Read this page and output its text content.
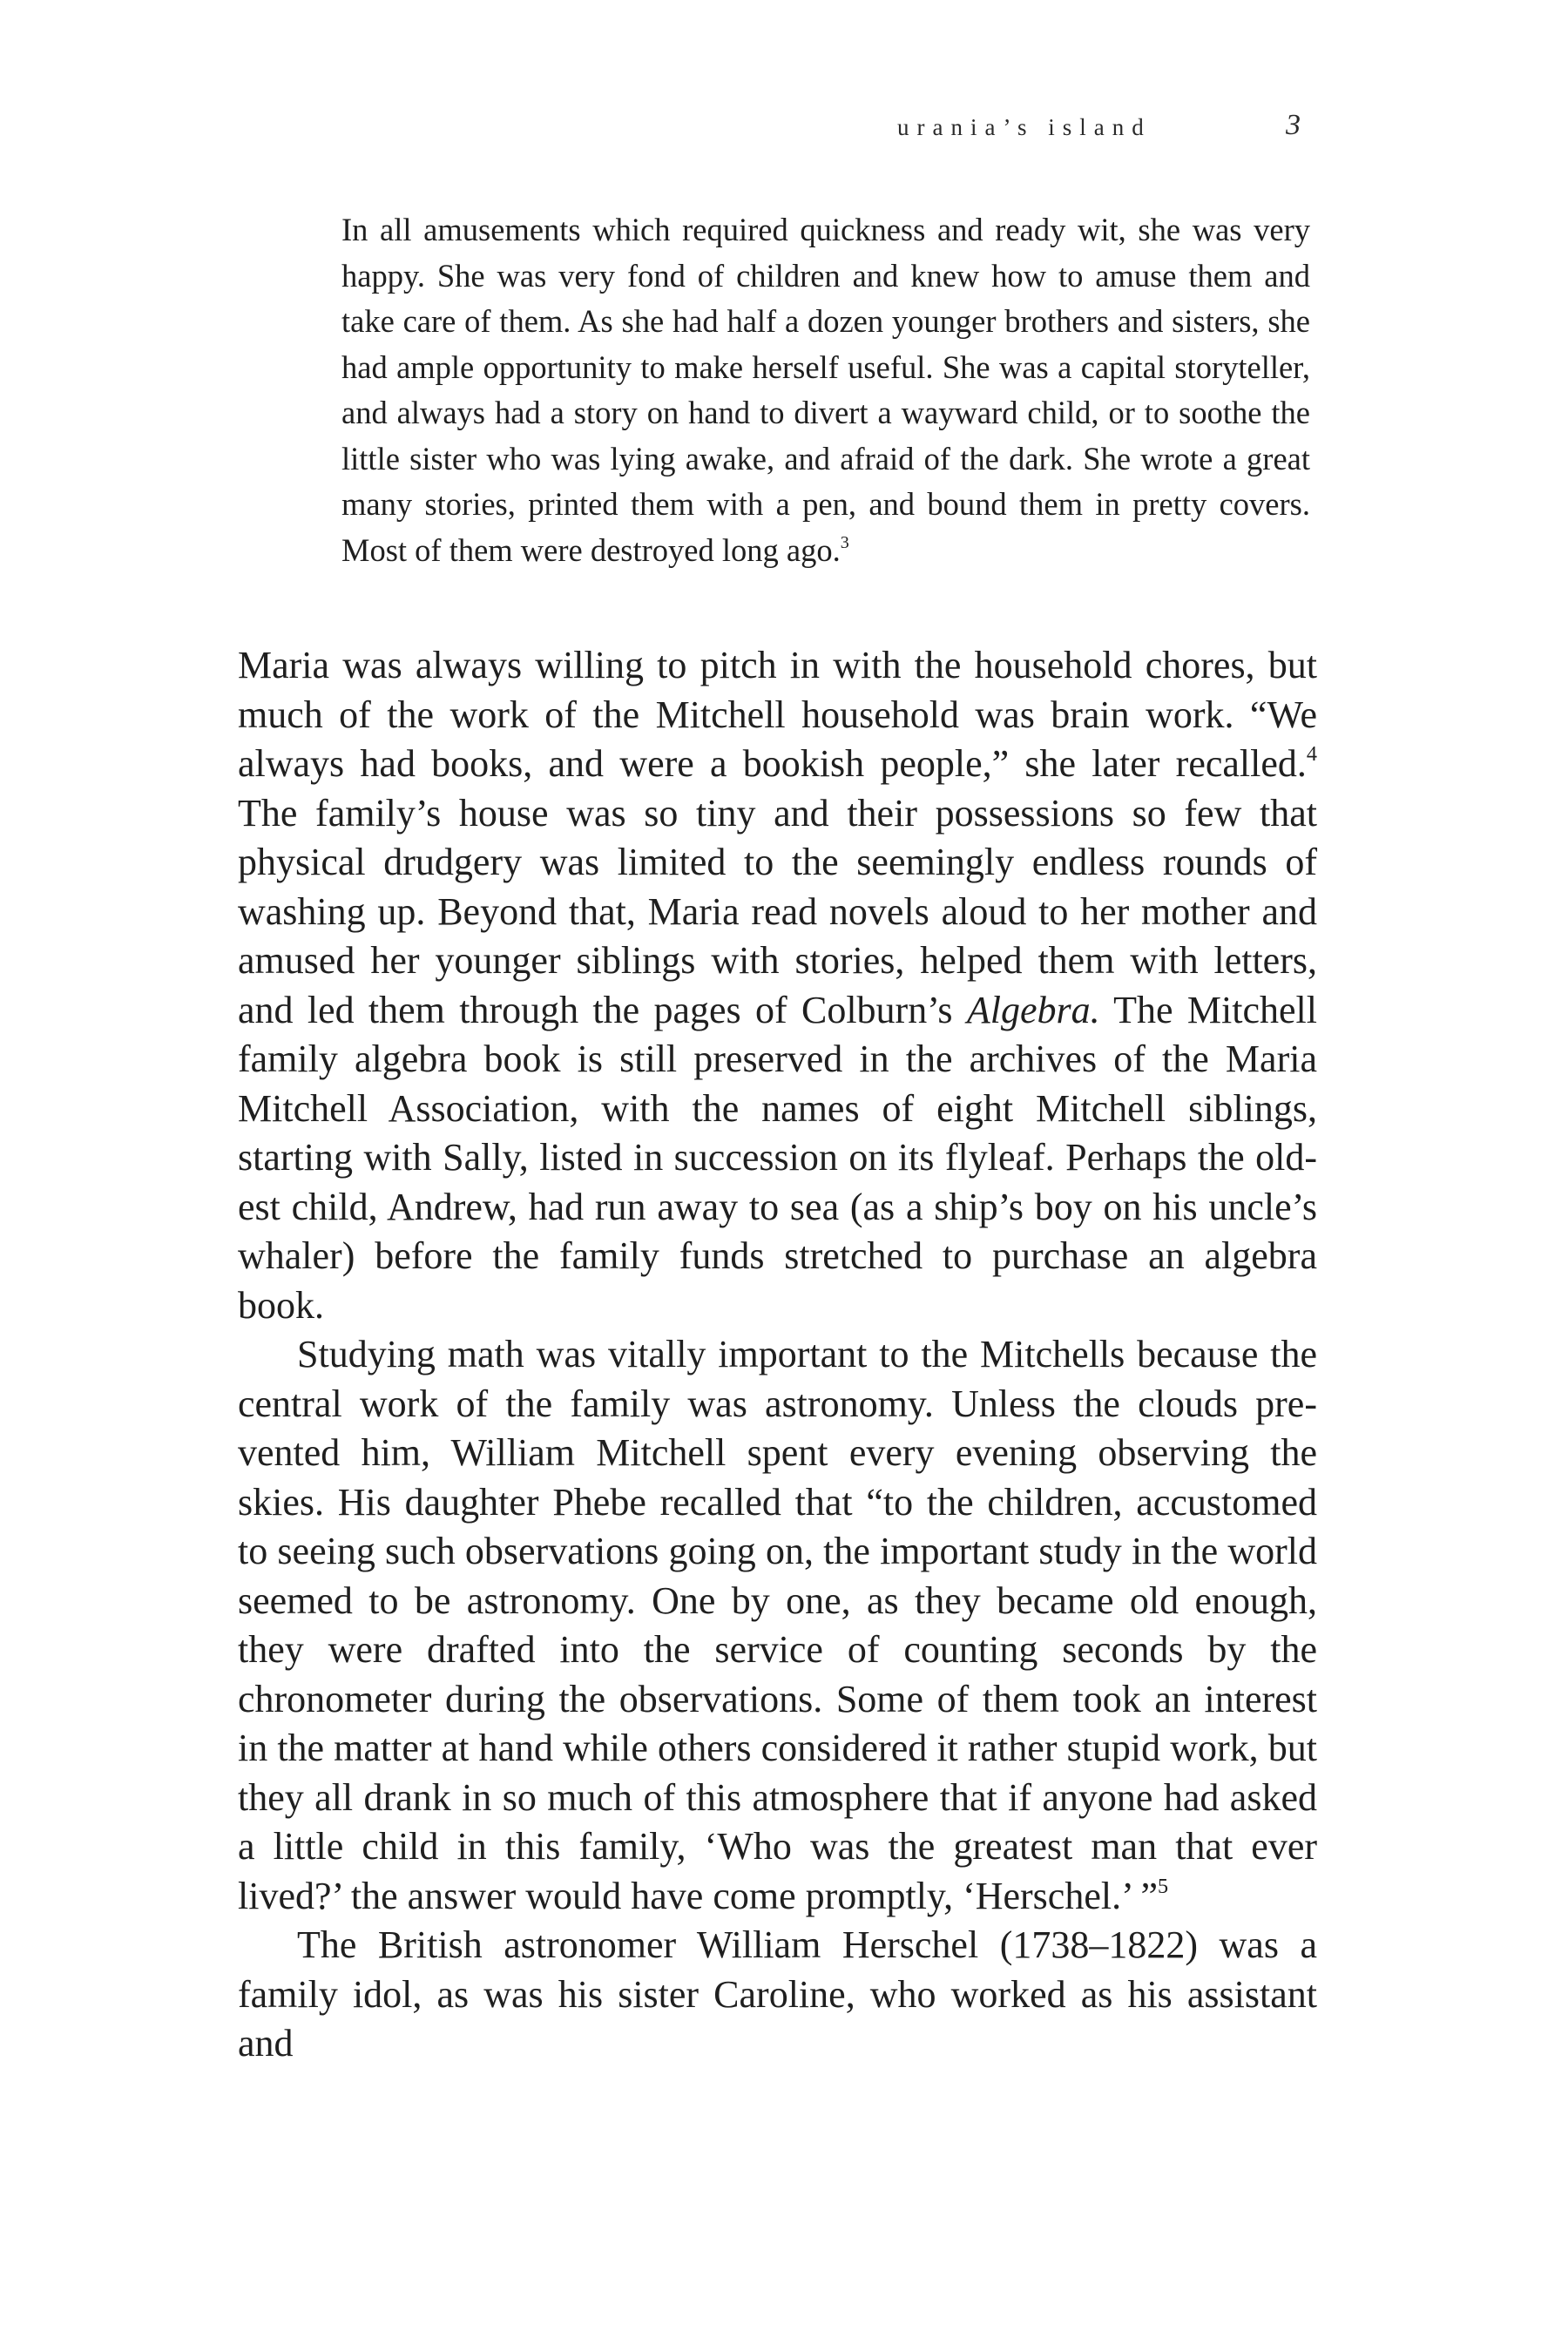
urania’s island	3

In all amusements which required quickness and ready wit, she was very happy. She was very fond of children and knew how to amuse them and take care of them. As she had half a dozen younger brothers and sisters, she had ample opportunity to make herself useful. She was a capital storyteller, and always had a story on hand to divert a wayward child, or to soothe the little sister who was lying awake, and afraid of the dark. She wrote a great many stories, printed them with a pen, and bound them in pretty covers. Most of them were destroyed long ago.$^3$

Maria was always willing to pitch in with the household chores, but much of the work of the Mitchell household was brain work. “We always had books, and were a bookish people,” she later recalled.$^4$ The family’s house was so tiny and their possessions so few that physical drudgery was limited to the seemingly endless rounds of washing up. Beyond that, Maria read novels aloud to her mother and amused her younger siblings with stories, helped them with letters, and led them through the pages of Colburn’s Algebra. The Mitchell family algebra book is still preserved in the archives of the Maria Mitchell Association, with the names of eight Mitchell siblings, starting with Sally, listed in succession on its flyleaf. Perhaps the oldest child, Andrew, had run away to sea (as a ship’s boy on his uncle’s whaler) before the family funds stretched to purchase an algebra book.

Studying math was vitally important to the Mitchells because the central work of the family was astronomy. Unless the clouds prevented him, William Mitchell spent every evening observing the skies. His daughter Phebe recalled that “to the children, accustomed to seeing such observations going on, the important study in the world seemed to be astronomy. One by one, as they became old enough, they were drafted into the service of counting seconds by the chronometer during the observations. Some of them took an interest in the matter at hand while others considered it rather stupid work, but they all drank in so much of this atmosphere that if anyone had asked a little child in this family, ‘Who was the greatest man that ever lived?’ the answer would have come promptly, ‘Herschel.’ ”$^5$

The British astronomer William Herschel (1738–1822) was a family idol, as was his sister Caroline, who worked as his assistant and
